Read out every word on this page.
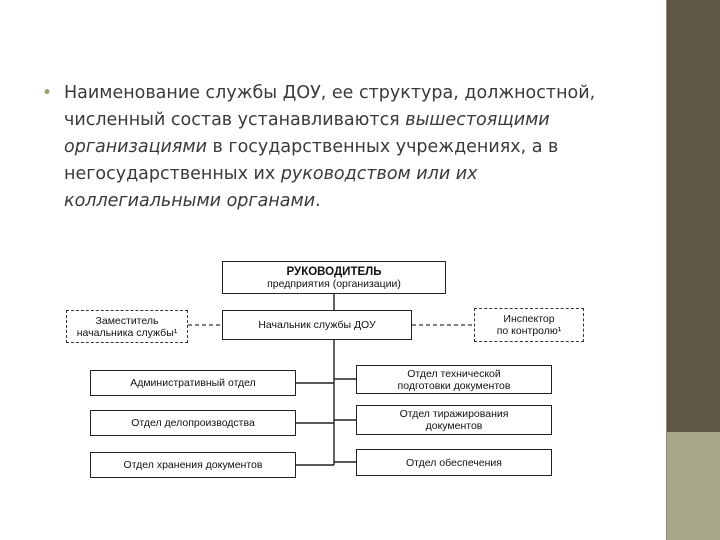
• Наименование службы ДОУ, ее структура, должностной,
численный состав устанавливаются вышестоящими
организациями в государственных учреждениях, а в
негосударственных их руководством или их
коллегиальными органами.
РУКОВОДИТЕЛЬ
предприятия (организации)
Начальник службы ДОУ
Заместитель
начальника службы¹
Инспектор
по контролю¹
Административный отдел
Отдел делопроизводства
Отдел хранения документов
Отдел технической
подготовки документов
Отдел тиражирования
документов
Отдел обеспечения
